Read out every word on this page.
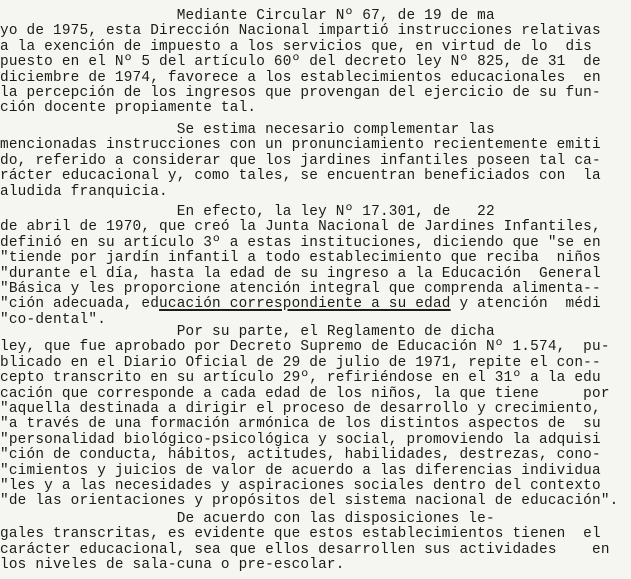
Mediante Circular Nº 67, de 19 de ma
yo de 1975, esta Dirección Nacional impartió instrucciones relativas
a la exención de impuesto a los servicios que, en virtud de lo  dis
puesto en el Nº 5 del artículo 60º del decreto ley Nº 825, de 31  de
diciembre de 1974, favorece a los establecimientos educacionales  en
la percepción de los ingresos que provengan del ejercicio de su fun-
ción docente propiamente tal.
Se estima necesario complementar las
mencionadas instrucciones con un pronunciamiento recientemente emiti
do, referido a considerar que los jardines infantiles poseen tal ca-
rácter educacional y, como tales, se encuentran beneficiados con  la
aludida franquicia.
En efecto, la ley Nº 17.301, de   22
de abril de 1970, que creó la Junta Nacional de Jardines Infantiles,
definió en su artículo 3º a estas instituciones, diciendo que "se en
"tiende por jardín infantil a todo establecimiento que reciba  niños
"durante el día, hasta la edad de su ingreso a la Educación  General
"Básica y les proporcione atención integral que comprenda alimenta--
"ción adecuada, educación correspondiente a su edad y atención  médi
"co-dental".
Por su parte, el Reglamento de dicha
ley, que fue aprobado por Decreto Supremo de Educación Nº 1.574,  pu-
blicado en el Diario Oficial de 29 de julio de 1971, repite el con--
cepto transcrito en su artículo 29º, refiriéndose en el 31º a la edu
cación que corresponde a cada edad de los niños, la que tiene     por
"aquella destinada a dirigir el proceso de desarrollo y crecimiento,
"a través de una formación armónica de los distintos aspectos de  su
"personalidad biológico-psicológica y social, promoviendo la adquisi
"ción de conducta, hábitos, actitudes, habilidades, destrezas, cono-
"cimientos y juicios de valor de acuerdo a las diferencias individua
"les y a las necesidades y aspiraciones sociales dentro del contexto
"de las orientaciones y propósitos del sistema nacional de educación".
De acuerdo con las disposiciones le-
gales transcritas, es evidente que estos establecimientos tienen  el
carácter educacional, sea que ellos desarrollen sus actividades    en
los niveles de sala-cuna o pre-escolar.
